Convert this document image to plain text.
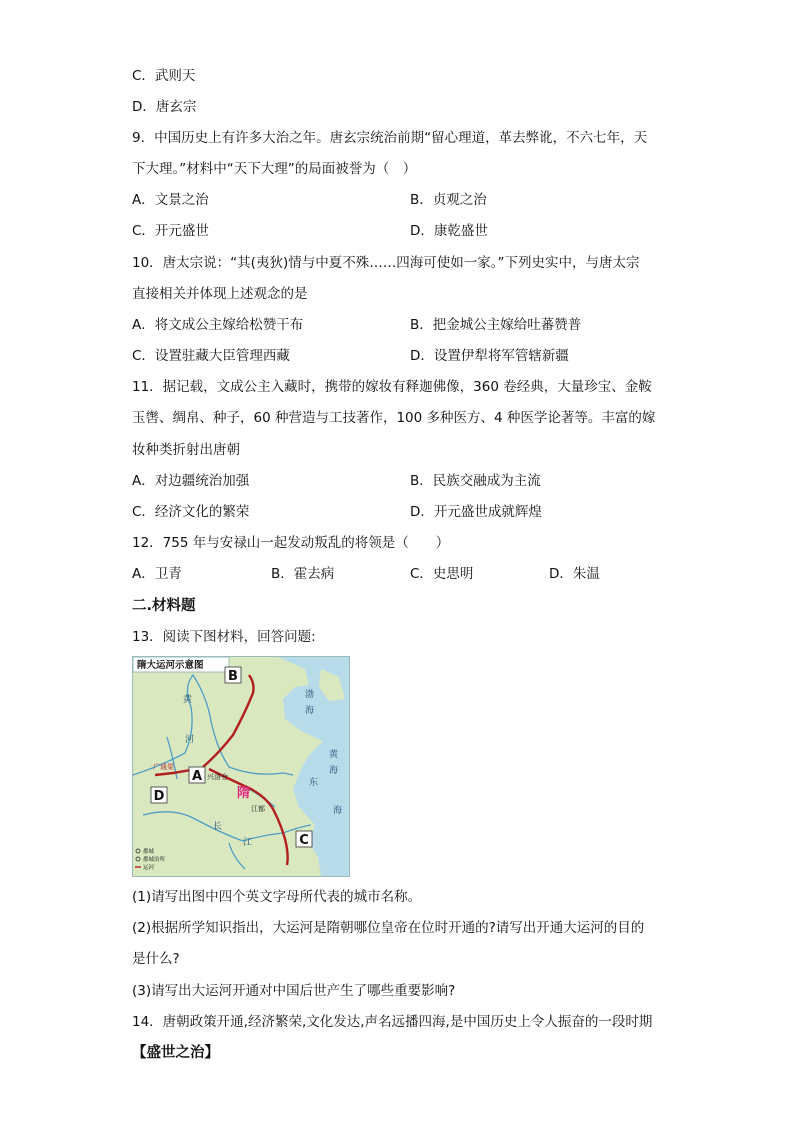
C．武则天
D．唐玄宗
9．中国历史上有许多大治之年。唐玄宗统治前期“留心理道，革去弊讹，不六七年，天
下大理。”材料中“天下大理”的局面被誉为（　）
A．文景之治	B．贞观之治
C．开元盛世	D．康乾盛世
10．唐太宗说：“其(夷狄)情与中夏不殊……四海可使如一家。”下列史实中，与唐太宗
直接相关并体现上述观念的是
A．将文成公主嫁给松赞干布	B．把金城公主嫁给吐蕃赞普
C．设置驻藏大臣管理西藏	D．设置伊犁将军管辖新疆
11．据记载，文成公主入藏时，携带的嫁妆有释迦佛像，360 卷经典，大量珍宝、金鞍
玉辔、绸帛、种子，60 种营造与工技著作，100 多种医方、4 种医学论著等。丰富的嫁
妆种类折射出唐朝
A．对边疆统治加强	B．民族交融成为主流
C．经济文化的繁荣	D．开元盛世成就辉煌
12．755 年与安禄山一起发动叛乱的将领是（　　）
A．卫青	B．霍去病	C．史思明	D．朱温
二.材料题
13．阅读下图材料，回答问题:
隋大运河示意图
B
A
D
C
渤
海
黄
海
东
海
黄
河
长
江
兴洛仓
江都
广通渠
隋
都城
都城治所
运河
(1)请写出图中四个英文字母所代表的城市名称。
(2)根据所学知识指出，大运河是隋朝哪位皇帝在位时开通的?请写出开通大运河的目的
是什么?
(3)请写出大运河开通对中国后世产生了哪些重要影响?
14．唐朝政策开通,经济繁荣,文化发达,声名远播四海,是中国历史上令人振奋的一段时期
【盛世之治】
